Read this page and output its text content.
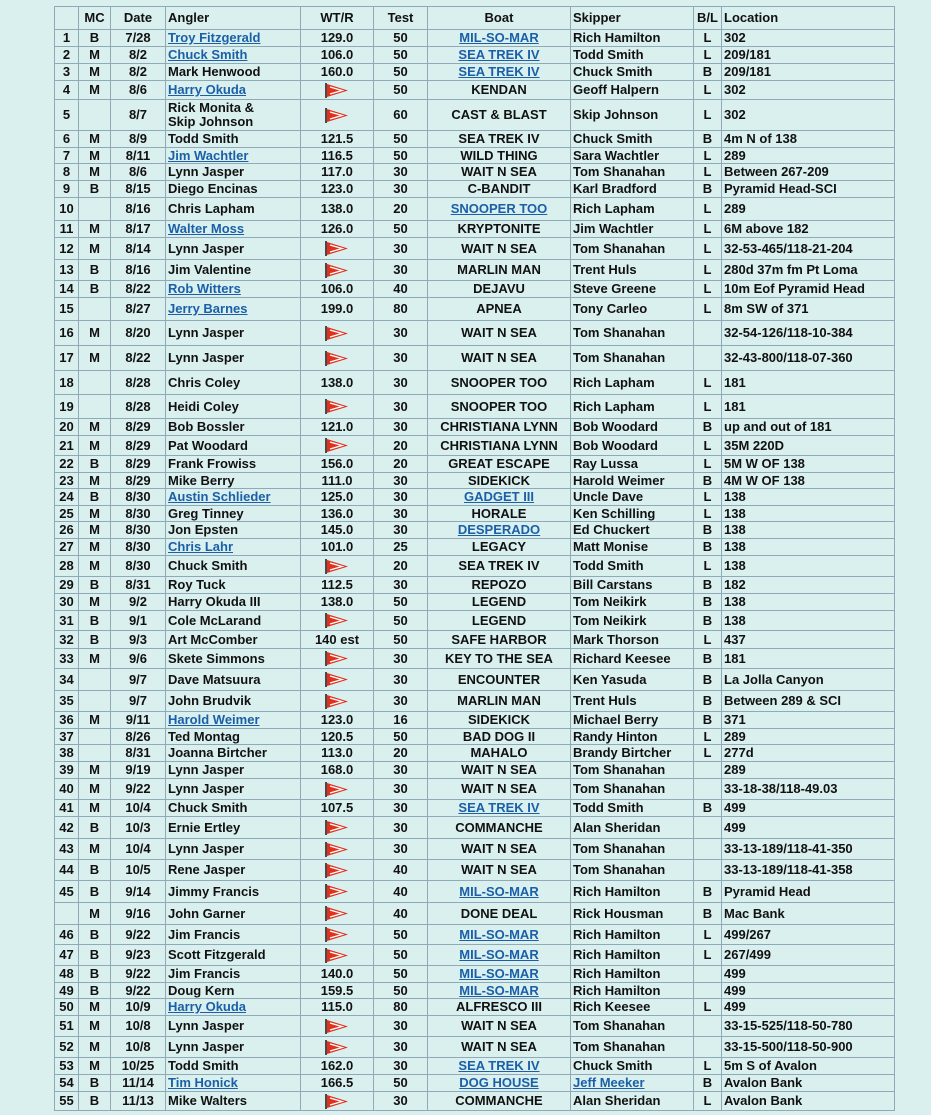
	MC	Date	Angler	WT/R	Test	Boat	Skipper	B/L	Location
1	B	7/28	Troy Fitzgerald	129.0	50	MIL-SO-MAR	Rich Hamilton	L	302
2	M	8/2	Chuck Smith	106.0	50	SEA TREK IV	Todd Smith	L	209/181
3	M	8/2	Mark Henwood	160.0	50	SEA TREK IV	Chuck Smith	B	209/181
4	M	8/6	Harry Okuda		50	KENDAN	Geoff Halpern	L	302
5		8/7	Rick Monita &
Skip Johnson		60	CAST & BLAST	Skip Johnson	L	302
6	M	8/9	Todd Smith	121.5	50	SEA TREK IV	Chuck Smith	B	4m N of 138
7	M	8/11	Jim Wachtler	116.5	50	WILD THING	Sara Wachtler	L	289
8	M	8/6	Lynn Jasper	117.0	30	WAIT N SEA	Tom Shanahan	L	Between 267-209
9	B	8/15	Diego Encinas	123.0	30	C-BANDIT	Karl Bradford	B	Pyramid Head-SCI
10		8/16	Chris Lapham	138.0	20	SNOOPER TOO	Rich Lapham	L	289
11	M	8/17	Walter Moss	126.0	50	KRYPTONITE	Jim Wachtler	L	6M above 182
12	M	8/14	Lynn Jasper		30	WAIT N SEA	Tom Shanahan	L	32-53-465/118-21-204
13	B	8/16	Jim Valentine		30	MARLIN MAN	Trent Huls	L	280d 37m fm Pt Loma
14	B	8/22	Rob Witters	106.0	40	DEJAVU	Steve Greene	L	10m Eof Pyramid Head
15		8/27	Jerry Barnes	199.0	80	APNEA	Tony Carleo	L	8m SW of 371
16	M	8/20	Lynn Jasper		30	WAIT N SEA	Tom Shanahan		32-54-126/118-10-384
17	M	8/22	Lynn Jasper		30	WAIT N SEA	Tom Shanahan		32-43-800/118-07-360
18		8/28	Chris Coley	138.0	30	SNOOPER TOO	Rich Lapham	L	181
19		8/28	Heidi Coley		30	SNOOPER TOO	Rich Lapham	L	181
20	M	8/29	Bob Bossler	121.0	30	CHRISTIANA LYNN	Bob Woodard	B	up and out of 181
21	M	8/29	Pat Woodard		20	CHRISTIANA LYNN	Bob Woodard	L	35M 220D
22	B	8/29	Frank Frowiss	156.0	20	GREAT ESCAPE	Ray Lussa	L	5M W OF 138
23	M	8/29	Mike Berry	111.0	30	SIDEKICK	Harold Weimer	B	4M W OF 138
24	B	8/30	Austin Schlieder	125.0	30	GADGET III	Uncle Dave	L	138
25	M	8/30	Greg Tinney	136.0	30	HORALE	Ken Schilling	L	138
26	M	8/30	Jon Epsten	145.0	30	DESPERADO	Ed Chuckert	B	138
27	M	8/30	Chris Lahr	101.0	25	LEGACY	Matt Monise	B	138
28	M	8/30	Chuck Smith		20	SEA TREK IV	Todd Smith	L	138
29	B	8/31	Roy Tuck	112.5	30	REPOZO	Bill Carstans	B	182
30	M	9/2	Harry Okuda III	138.0	50	LEGEND	Tom Neikirk	B	138
31	B	9/1	Cole McLarand		50	LEGEND	Tom Neikirk	B	138
32	B	9/3	Art McComber	140 est	50	SAFE HARBOR	Mark Thorson	L	437
33	M	9/6	Skete Simmons		30	KEY TO THE SEA	Richard Keesee	B	181
34		9/7	Dave Matsuura		30	ENCOUNTER	Ken Yasuda	B	La Jolla Canyon
35		9/7	John Brudvik		30	MARLIN MAN	Trent Huls	B	Between 289 & SCI
36	M	9/11	Harold Weimer	123.0	16	SIDEKICK	Michael Berry	B	371
37		8/26	Ted Montag	120.5	50	BAD DOG II	Randy Hinton	L	289
38		8/31	Joanna Birtcher	113.0	20	MAHALO	Brandy Birtcher	L	277d
39	M	9/19	Lynn Jasper	168.0	30	WAIT N SEA	Tom Shanahan		289
40	M	9/22	Lynn Jasper		30	WAIT N SEA	Tom Shanahan		33-18-38/118-49.03
41	M	10/4	Chuck Smith	107.5	30	SEA TREK IV	Todd Smith	B	499
42	B	10/3	Ernie Ertley		30	COMMANCHE	Alan Sheridan		499
43	M	10/4	Lynn Jasper		30	WAIT N SEA	Tom Shanahan		33-13-189/118-41-350
44	B	10/5	Rene Jasper		40	WAIT N SEA	Tom Shanahan		33-13-189/118-41-358
45	B	9/14	Jimmy Francis		40	MIL-SO-MAR	Rich Hamilton	B	Pyramid Head
	M	9/16	John Garner		40	DONE DEAL	Rick Housman	B	Mac Bank
46	B	9/22	Jim Francis		50	MIL-SO-MAR	Rich Hamilton	L	499/267
47	B	9/23	Scott Fitzgerald		50	MIL-SO-MAR	Rich Hamilton	L	267/499
48	B	9/22	Jim Francis	140.0	50	MIL-SO-MAR	Rich Hamilton		499
49	B	9/22	Doug Kern	159.5	50	MIL-SO-MAR	Rich Hamilton		499
50	M	10/9	Harry Okuda	115.0	80	ALFRESCO III	Rich Keesee	L	499
51	M	10/8	Lynn Jasper		30	WAIT N SEA	Tom Shanahan		33-15-525/118-50-780
52	M	10/8	Lynn Jasper		30	WAIT N SEA	Tom Shanahan		33-15-500/118-50-900
53	M	10/25	Todd Smith	162.0	30	SEA TREK IV	Chuck Smith	L	5m S of Avalon
54	B	11/14	Tim Honick	166.5	50	DOG HOUSE	Jeff Meeker	B	Avalon Bank
55	B	11/13	Mike Walters		30	COMMANCHE	Alan Sheridan	L	Avalon Bank
